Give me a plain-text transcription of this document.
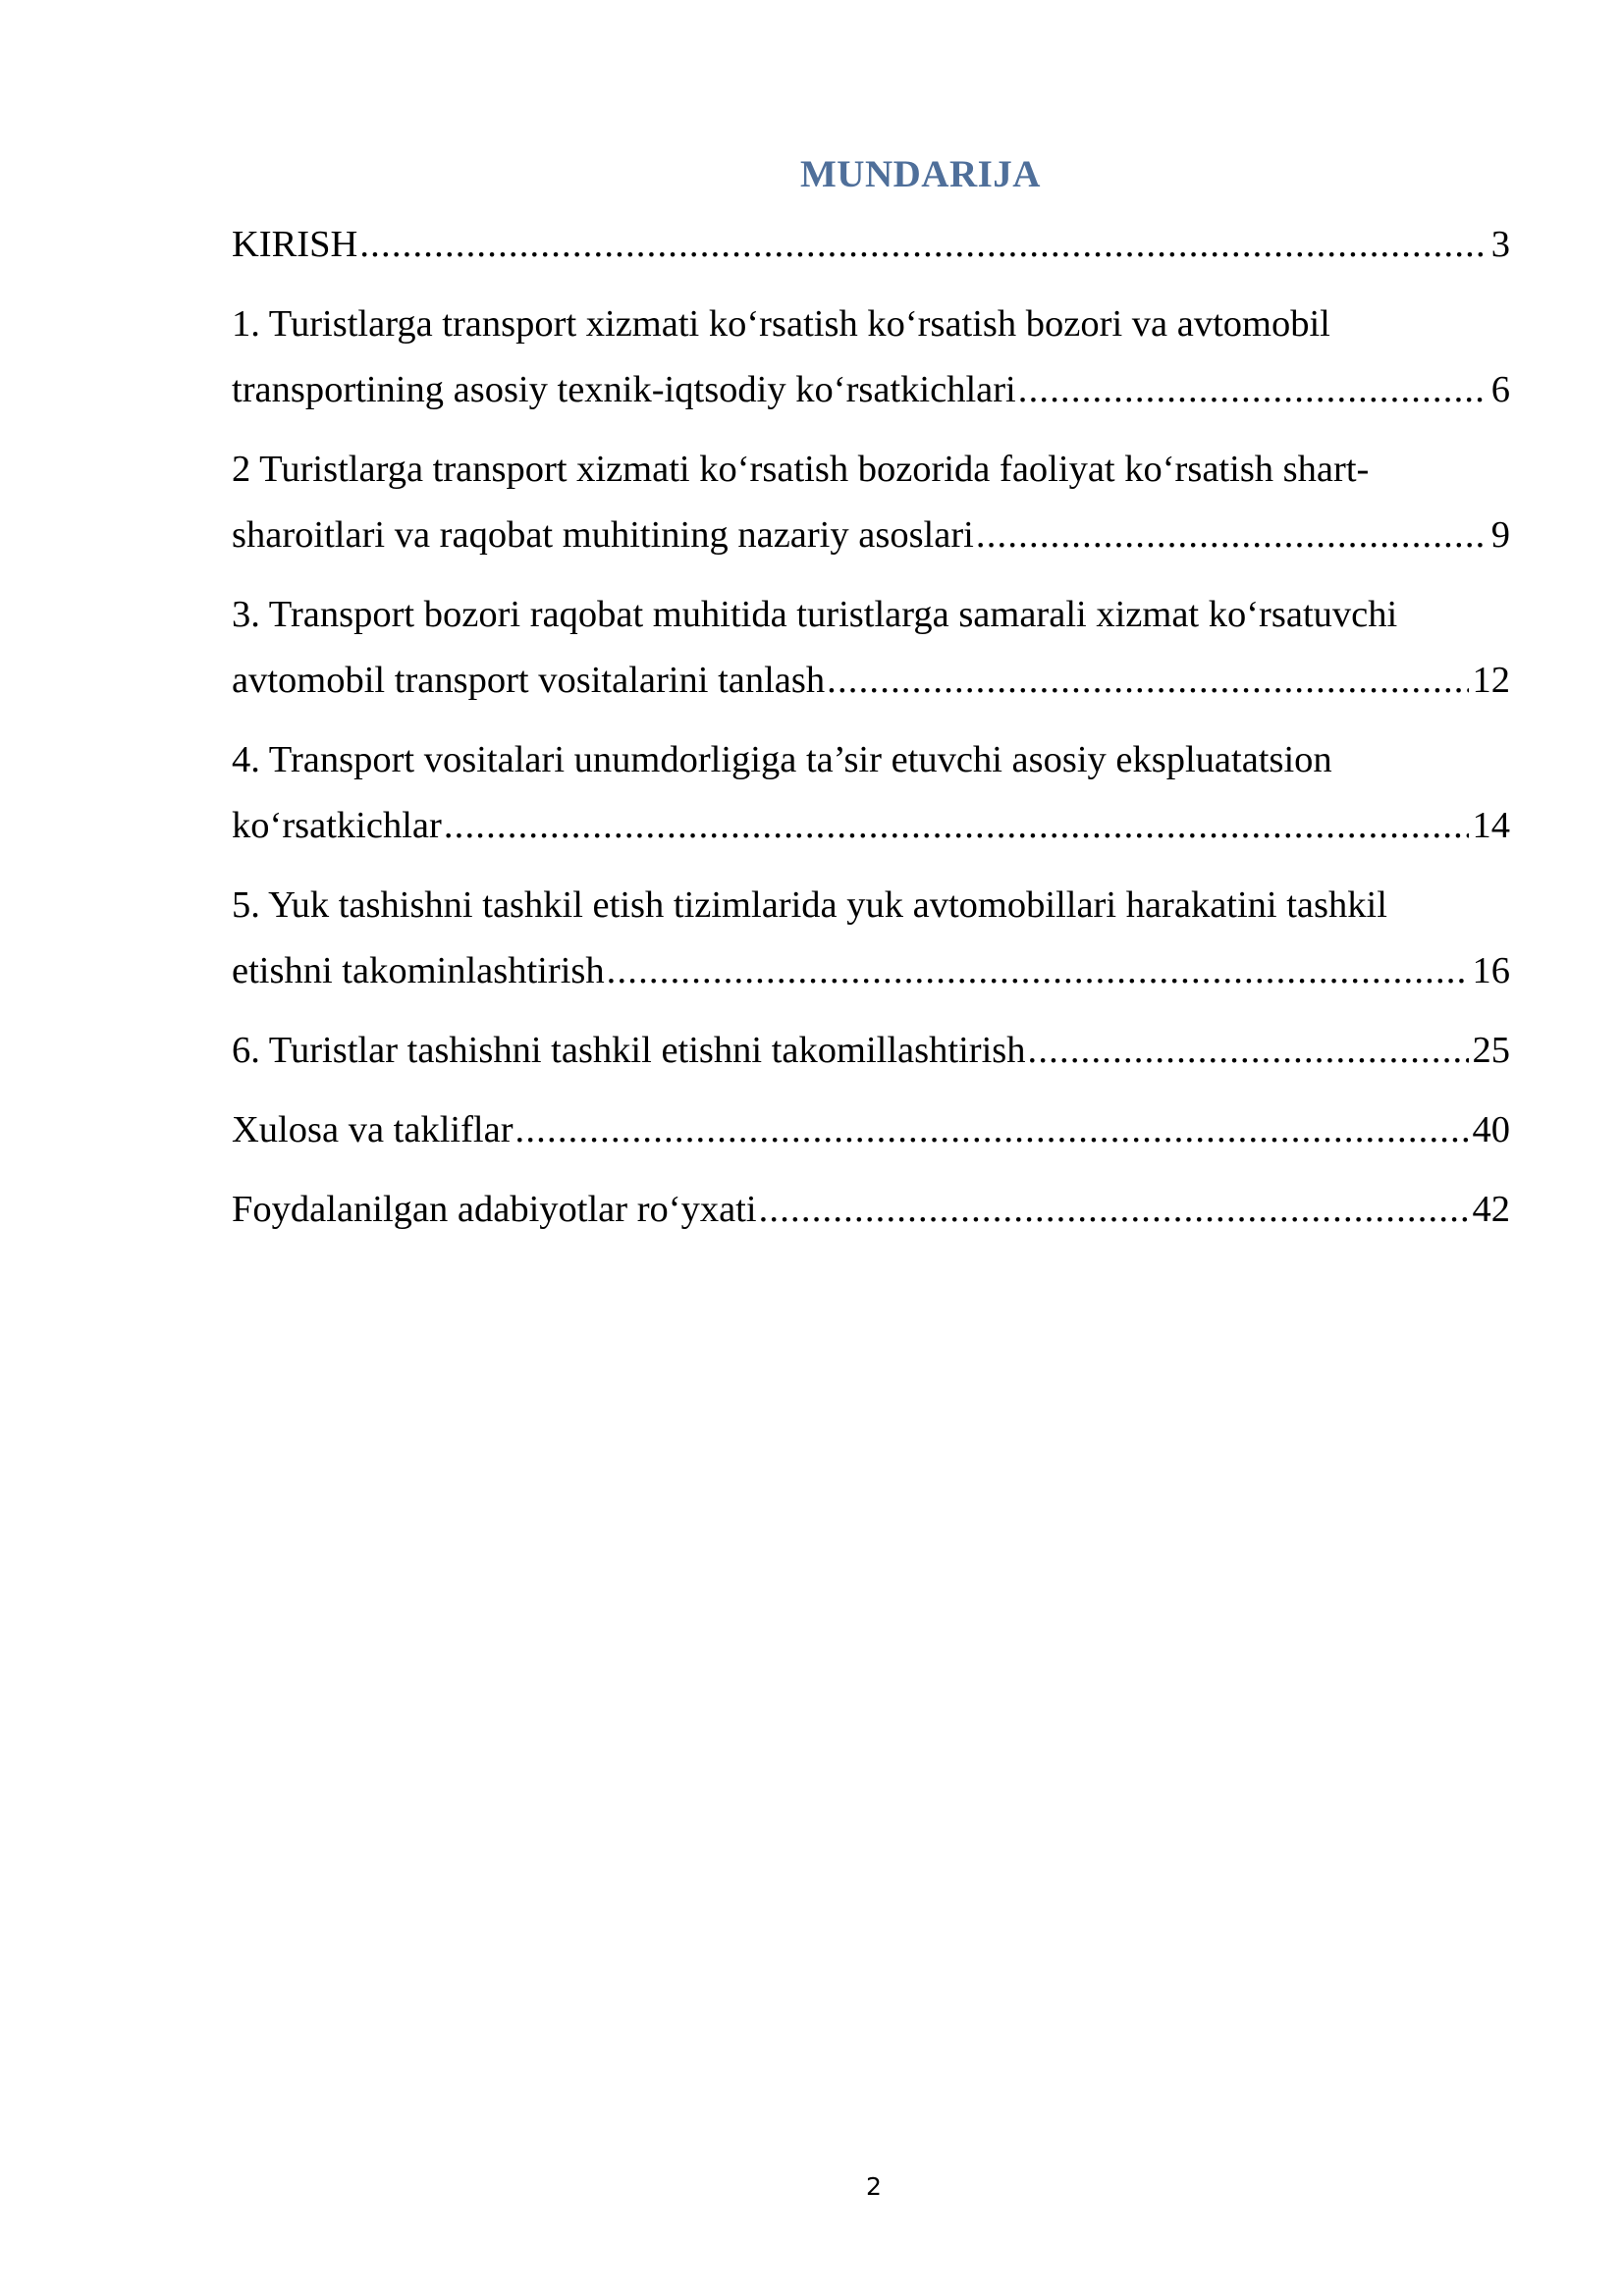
MUNDARIJA
KIRISH .....	3
1. Turistlarga transport xizmati ko‘rsatish ko‘rsatish bozori va avtomobil
transportining asosiy texnik-iqtsodiy ko‘rsatkichlari .....	6
2 Turistlarga transport xizmati ko‘rsatish bozorida faoliyat ko‘rsatish shart-
sharoitlari va raqobat muhitining nazariy asoslari .....	9
3. Transport bozori raqobat muhitida turistlarga samarali xizmat ko‘rsatuvchi
avtomobil transport vositalarini tanlash .....	12
4. Transport vositalari unumdorligiga ta’sir etuvchi asosiy ekspluatatsion
ko‘rsatkichlar .....	14
5. Yuk tashishni tashkil etish tizimlarida yuk avtomobillari harakatini tashkil
etishni takominlashtirish .....	16
6. Turistlar tashishni tashkil etishni takomillashtirish .....	25
Xulosa va takliflar .....	40
Foydalanilgan adabiyotlar ro‘yxati .....	42
2
